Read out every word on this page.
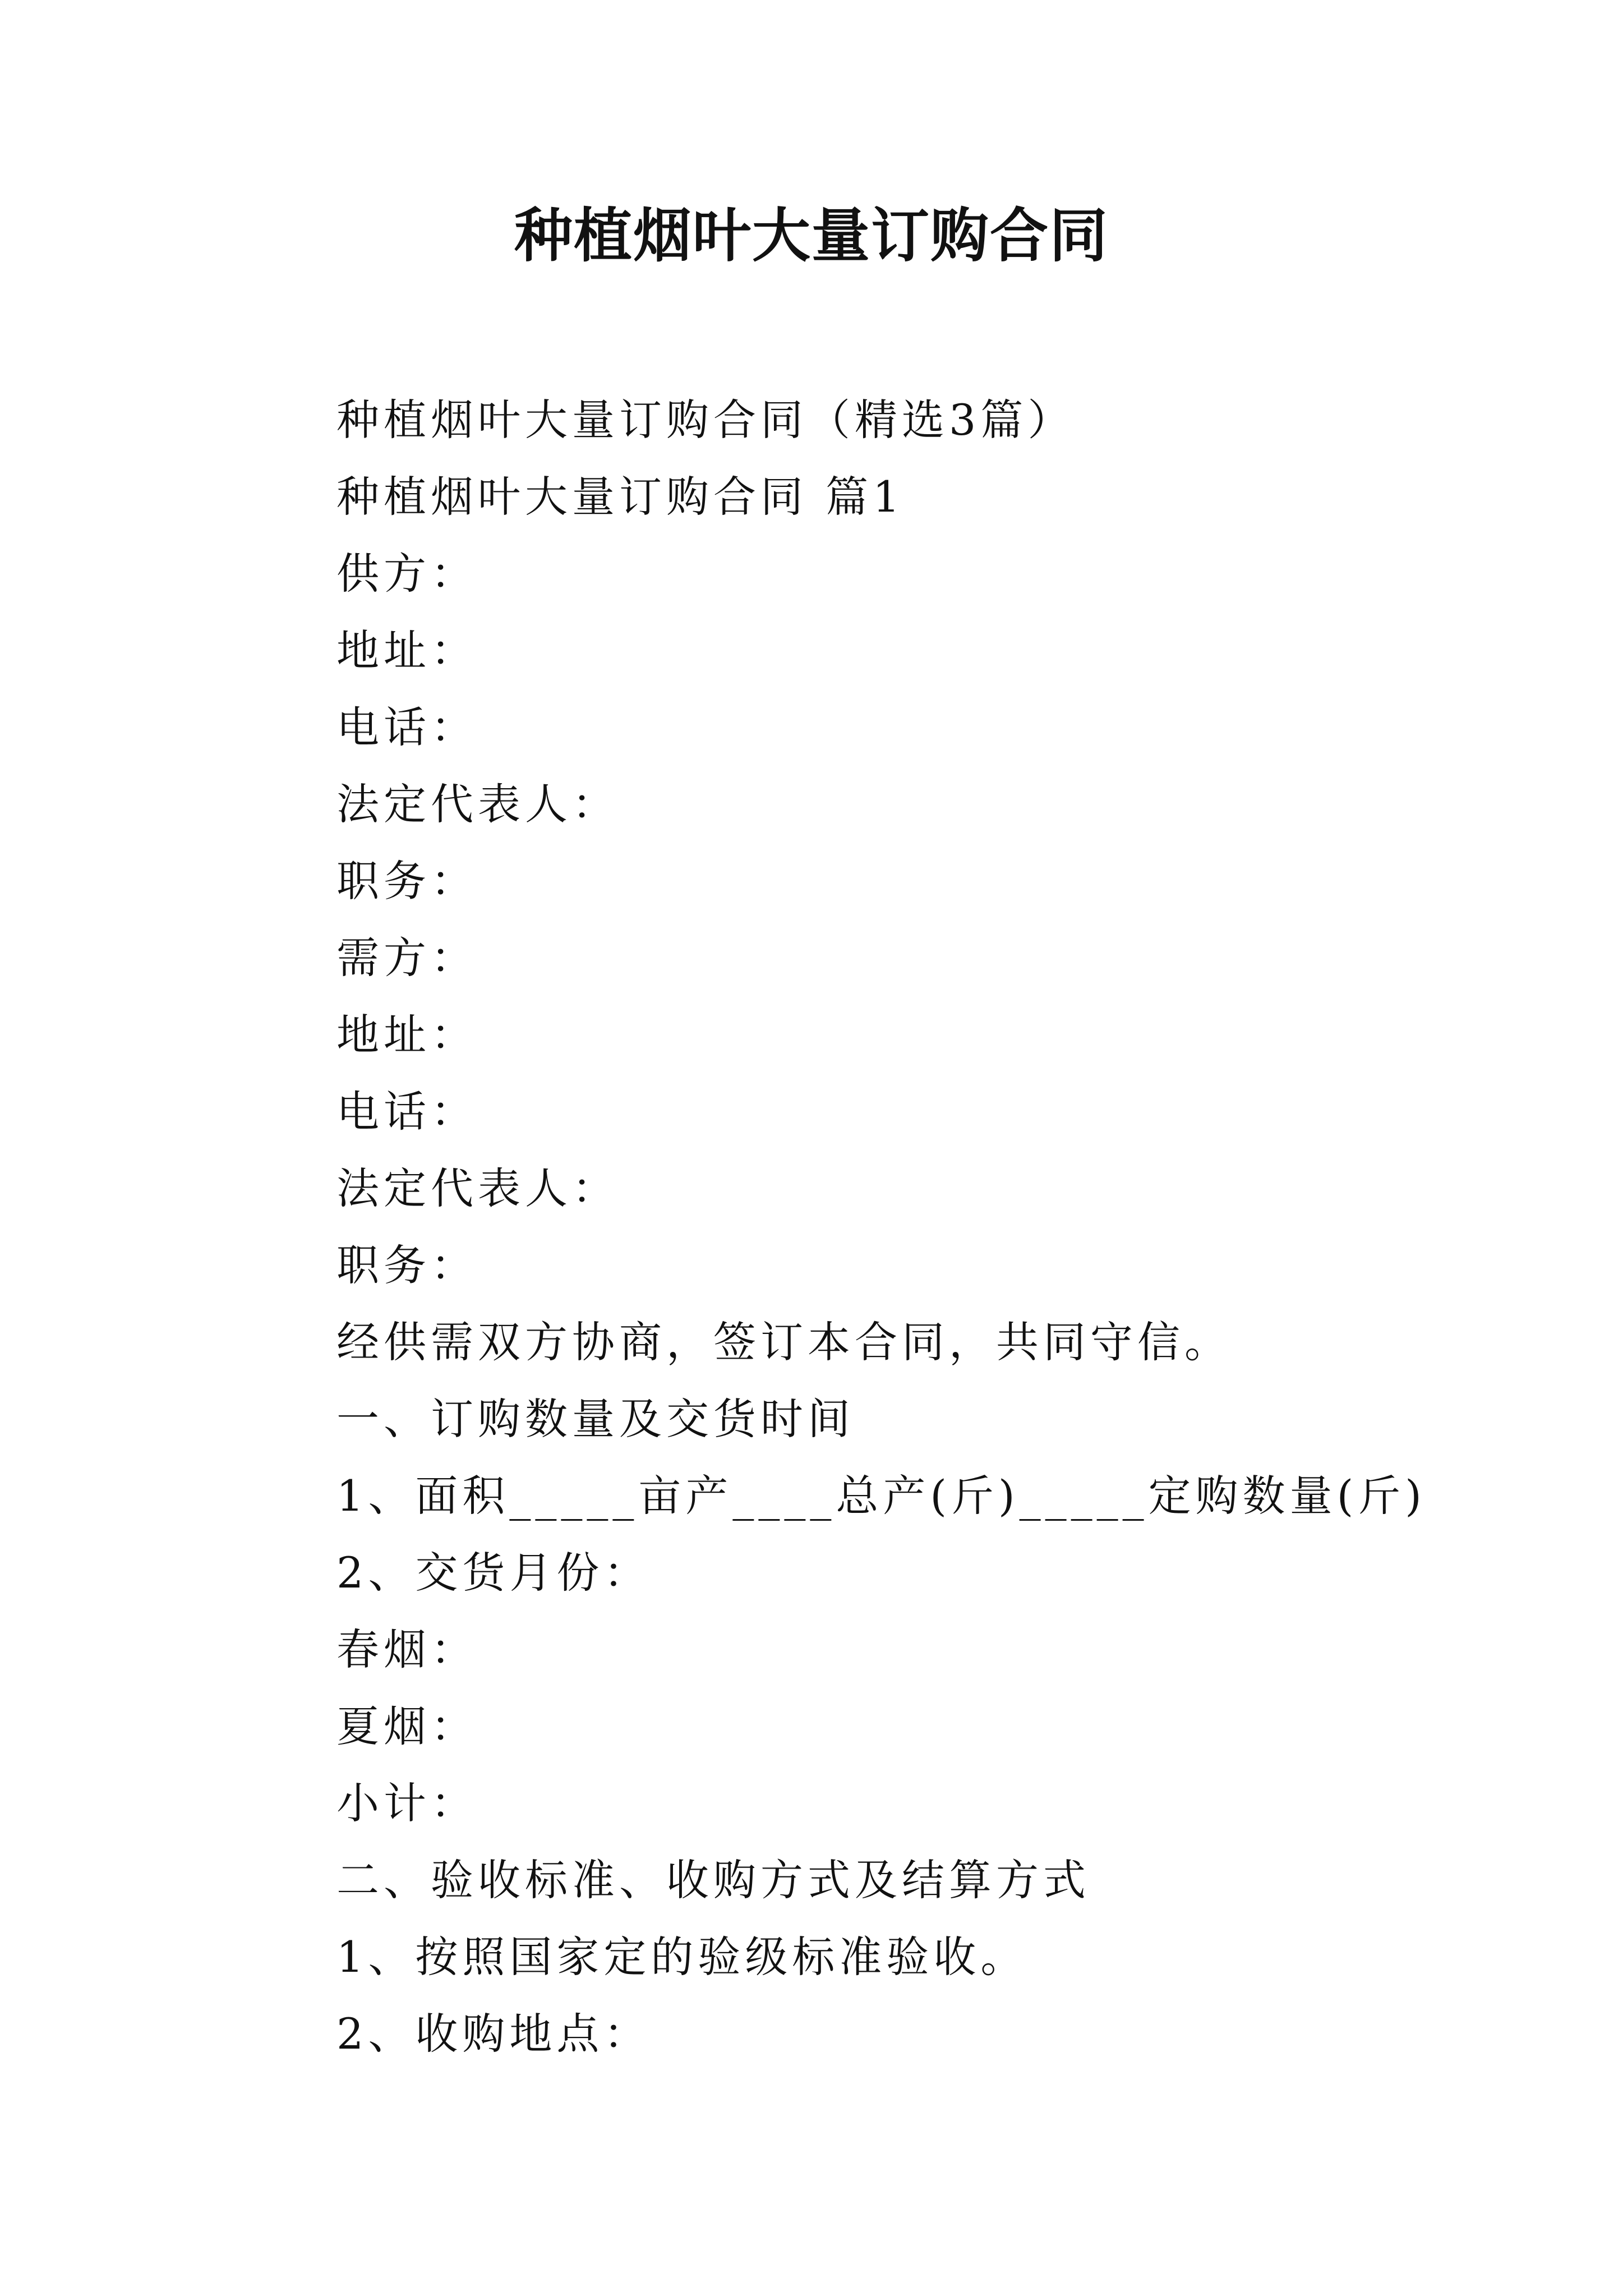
种植烟叶大量订购合同
种植烟叶大量订购合同（精选3篇）
种植烟叶大量订购合同 篇1
供方：
地址：
电话：
法定代表人：
职务：
需方：
地址：
电话：
法定代表人：
职务：
经供需双方协商，签订本合同，共同守信。
一、订购数量及交货时间
1、面积_____亩产____总产(斤)_____定购数量(斤)
2、交货月份：
春烟：
夏烟：
小计：
二、验收标准、收购方式及结算方式
1、按照国家定的验级标准验收。
2、收购地点：
